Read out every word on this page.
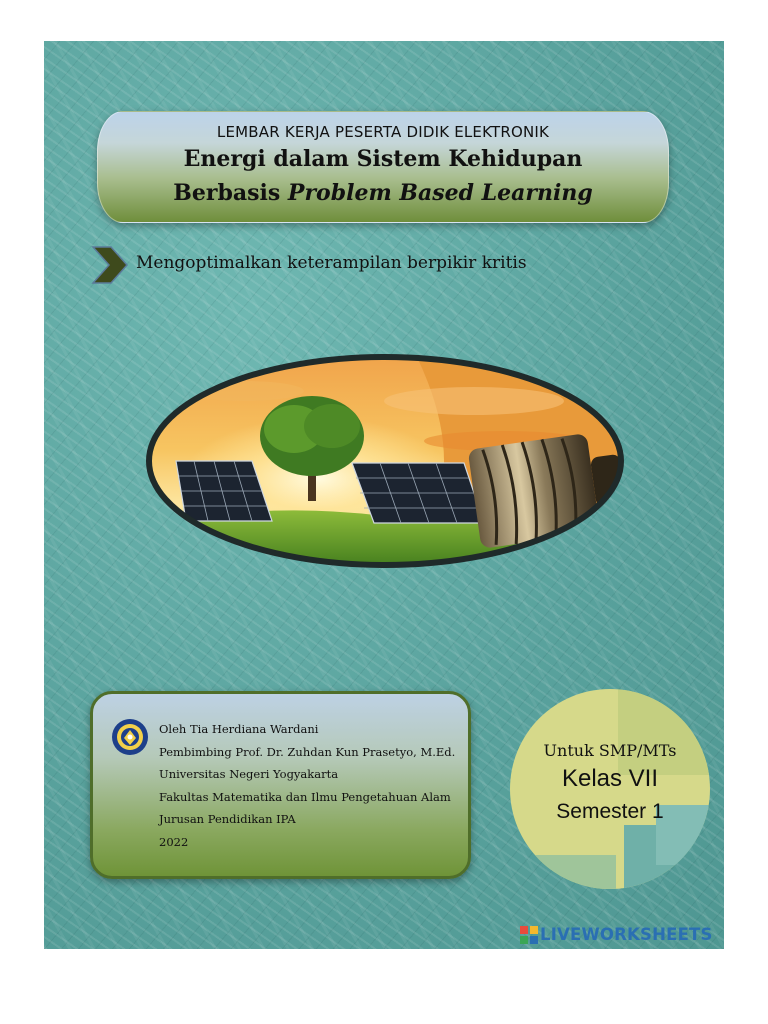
LEMBAR KERJA PESERTA DIDIK ELEKTRONIK
Energi dalam Sistem Kehidupan
Berbasis Problem Based Learning
Mengoptimalkan keterampilan berpikir kritis
Oleh Tia Herdiana Wardani
Pembimbing Prof. Dr. Zuhdan Kun Prasetyo, M.Ed.
Universitas Negeri Yogyakarta
Fakultas Matematika dan Ilmu Pengetahuan Alam
Jurusan Pendidikan IPA
2022
Untuk SMP/MTs
Kelas VII
Semester 1
LIVEWORKSHEETS
